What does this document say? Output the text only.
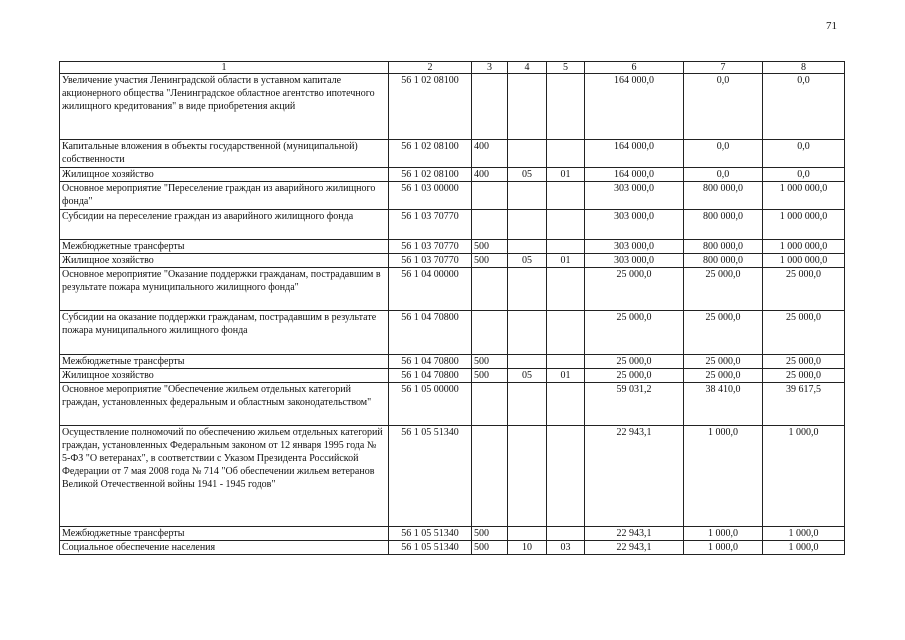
71
1	2	3	4	5	6	7	8
Увеличение участия Ленинградской области в уставном капитале акционерного общества "Ленинградское областное агентство ипотечного жилищного кредитования" в виде приобретения акций	56 1 02 08100				164 000,0	0,0	0,0
Капитальные вложения в объекты государственной (муниципальной) собственности	56 1 02 08100	400			164 000,0	0,0	0,0
Жилищное хозяйство	56 1 02 08100	400	05	01	164 000,0	0,0	0,0
Основное мероприятие "Переселение граждан из аварийного жилищного фонда"	56 1 03 00000				303 000,0	800 000,0	1 000 000,0
Субсидии на переселение граждан из аварийного жилищного фонда	56 1 03 70770				303 000,0	800 000,0	1 000 000,0
Межбюджетные трансферты	56 1 03 70770	500			303 000,0	800 000,0	1 000 000,0
Жилищное хозяйство	56 1 03 70770	500	05	01	303 000,0	800 000,0	1 000 000,0
Основное мероприятие "Оказание поддержки гражданам, пострадавшим в результате пожара муниципального жилищного фонда"	56 1 04 00000				25 000,0	25 000,0	25 000,0
Субсидии на оказание поддержки гражданам, пострадавшим в результате пожара муниципального жилищного фонда	56 1 04 70800				25 000,0	25 000,0	25 000,0
Межбюджетные трансферты	56 1 04 70800	500			25 000,0	25 000,0	25 000,0
Жилищное хозяйство	56 1 04 70800	500	05	01	25 000,0	25 000,0	25 000,0
Основное мероприятие "Обеспечение жильем отдельных категорий граждан, установленных федеральным и областным законодательством"	56 1 05 00000				59 031,2	38 410,0	39 617,5
Осуществление полномочий по обеспечению жильем отдельных категорий граждан, установленных Федеральным законом от 12 января 1995 года № 5-ФЗ "О ветеранах", в соответствии с Указом Президента Российской Федерации от 7 мая 2008 года № 714 "Об обеспечении жильем ветеранов Великой Отечественной войны 1941 - 1945 годов"	56 1 05 51340				22 943,1	1 000,0	1 000,0
Межбюджетные трансферты	56 1 05 51340	500			22 943,1	1 000,0	1 000,0
Социальное обеспечение населения	56 1 05 51340	500	10	03	22 943,1	1 000,0	1 000,0
